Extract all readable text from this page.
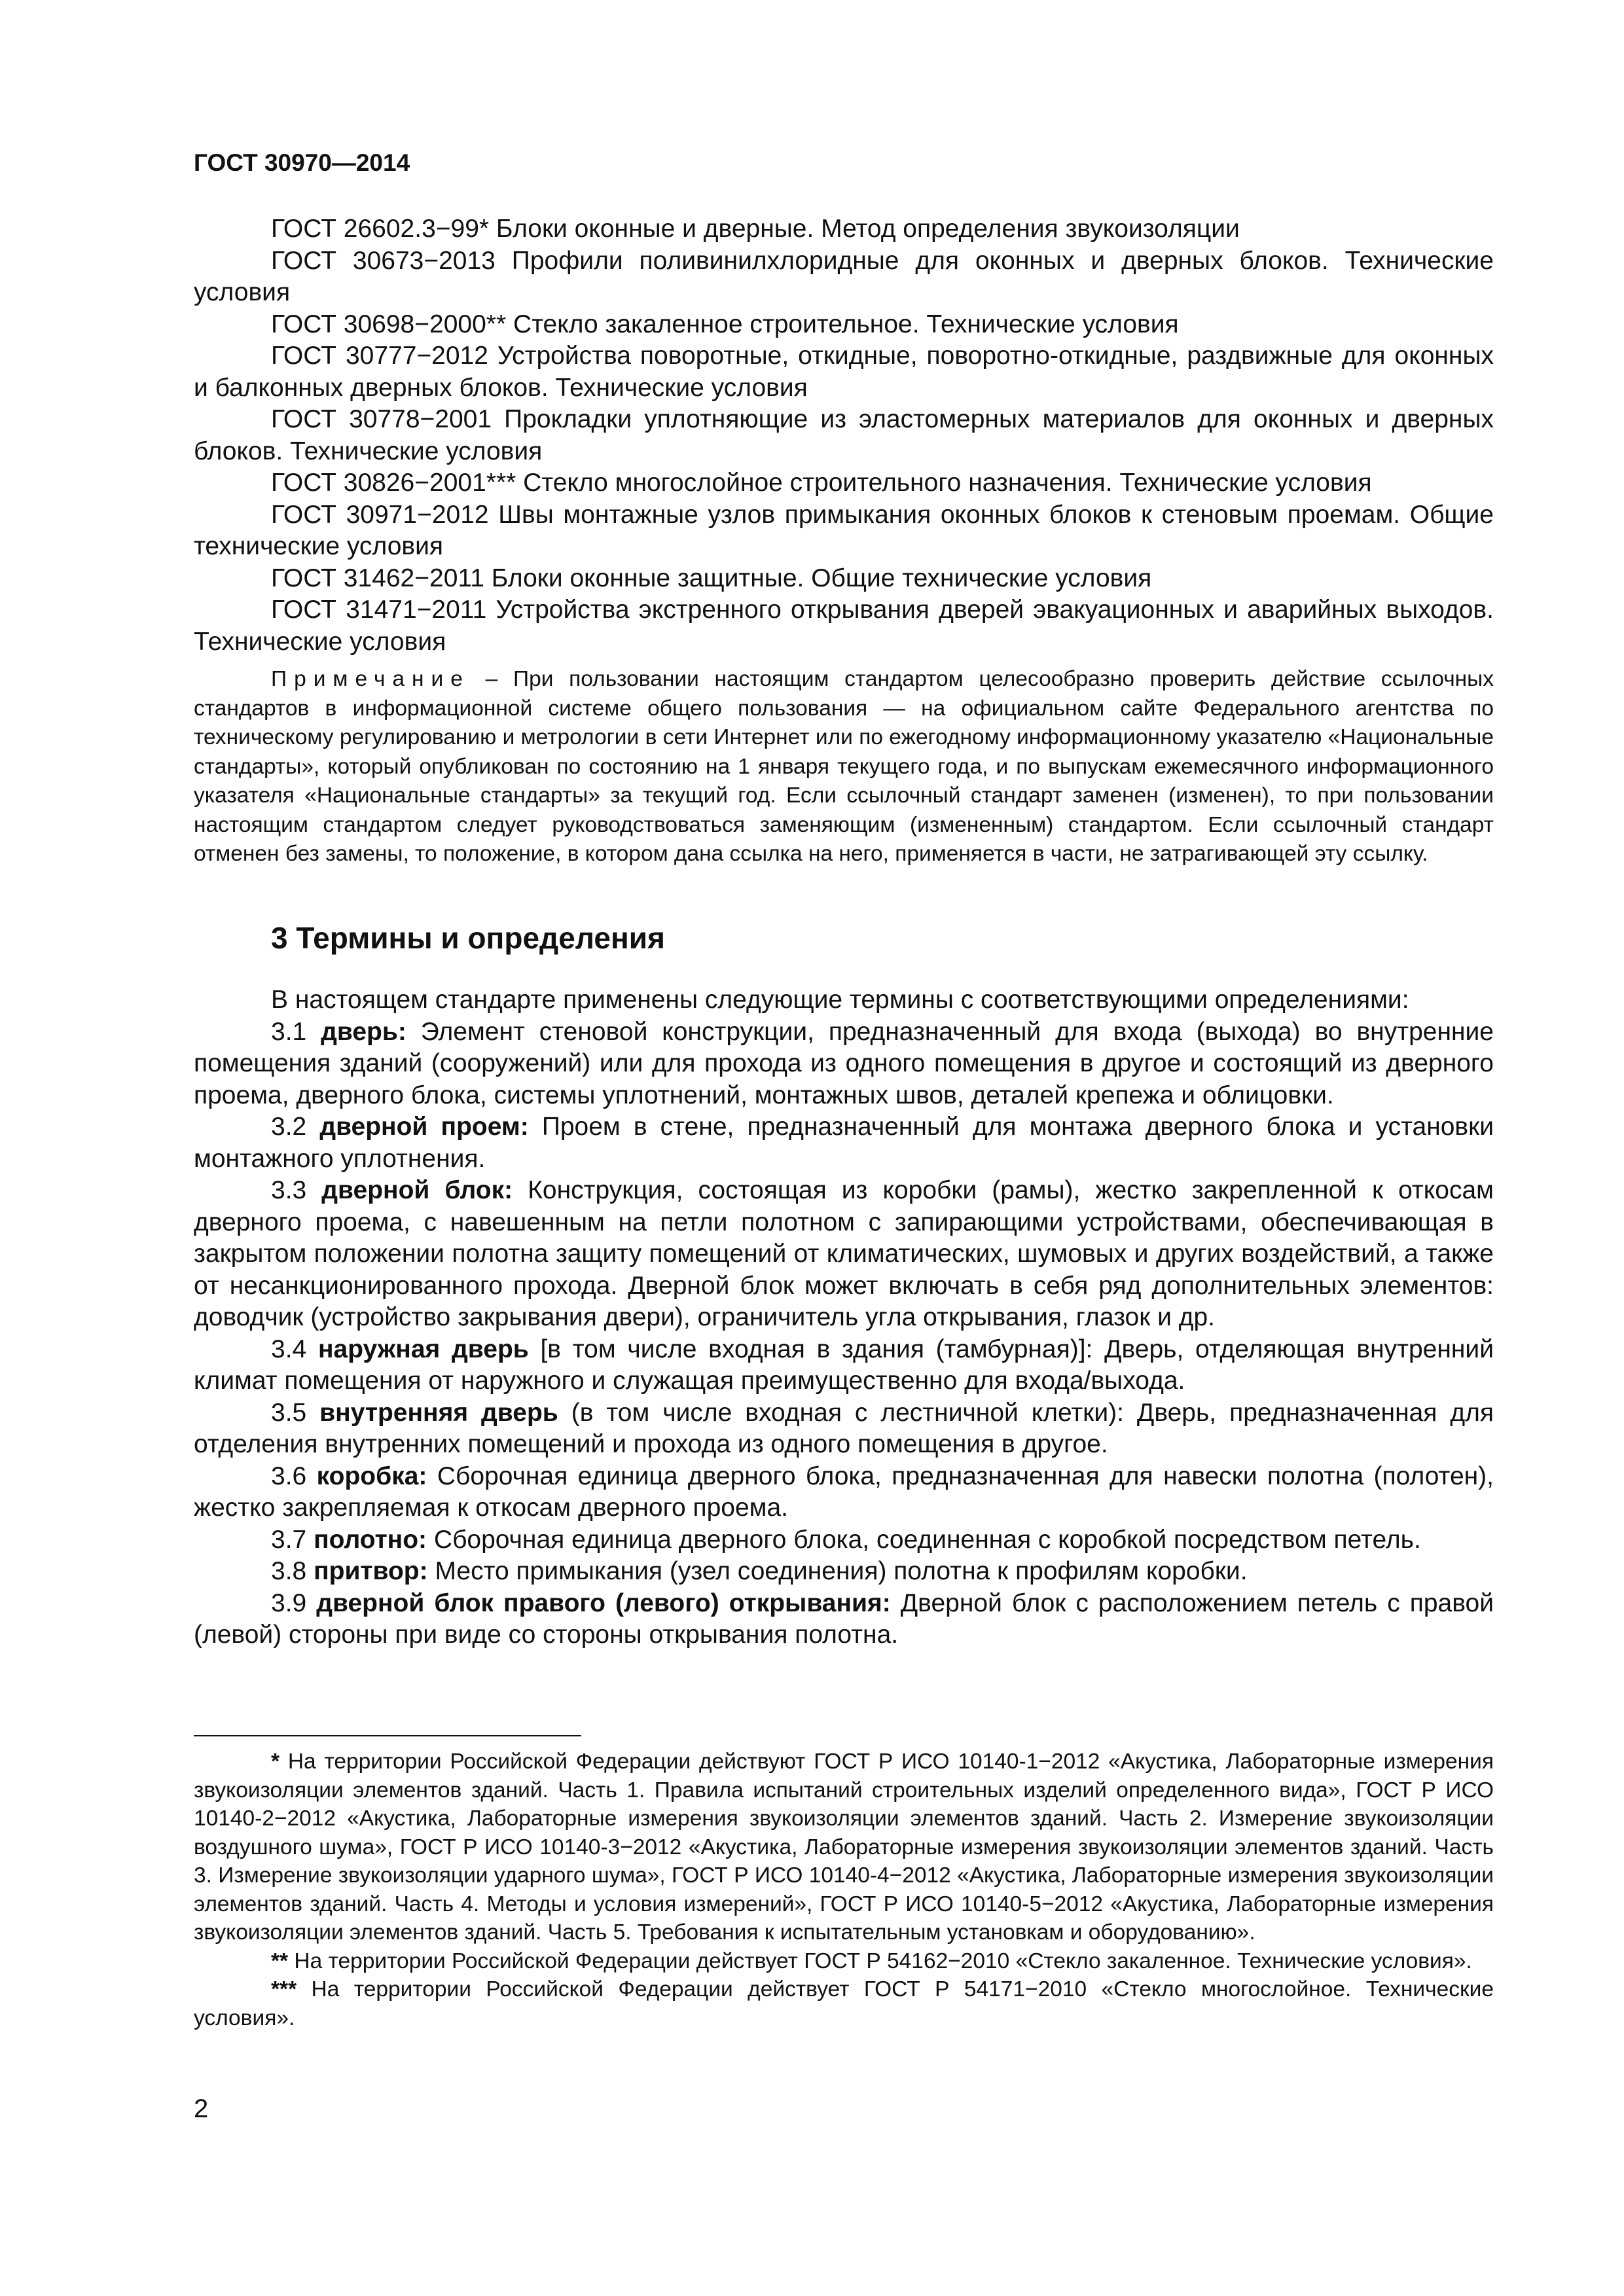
ГОСТ 30970—2014

ГОСТ 26602.3−99* Блоки оконные и дверные. Метод определения звукоизоляции

ГОСТ 30673−2013 Профили поливинилхлоридные для оконных и дверных блоков. Технические условия

ГОСТ 30698−2000** Стекло закаленное строительное. Технические условия

ГОСТ 30777−2012 Устройства поворотные, откидные, поворотно-откидные, раздвижные для оконных и балконных дверных блоков. Технические условия

ГОСТ 30778−2001 Прокладки уплотняющие из эластомерных материалов для оконных и дверных блоков. Технические условия

ГОСТ 30826−2001*** Стекло многослойное строительного назначения. Технические условия

ГОСТ 30971−2012 Швы монтажные узлов примыкания оконных блоков к стеновым проемам. Общие технические условия

ГОСТ 31462−2011 Блоки оконные защитные. Общие технические условия

ГОСТ 31471−2011 Устройства экстренного открывания дверей эвакуационных и аварийных выходов. Технические условия

Примечание – При пользовании настоящим стандартом целесообразно проверить действие ссылочных стандартов в информационной системе общего пользования — на официальном сайте Федерального агентства по техническому регулированию и метрологии в сети Интернет или по ежегодному информационному указателю «Национальные стандарты», который опубликован по состоянию на 1 января текущего года, и по выпускам ежемесячного информационного указателя «Национальные стандарты» за текущий год. Если ссылочный стандарт заменен (изменен), то при пользовании настоящим стандартом следует руководствоваться заменяющим (измененным) стандартом. Если ссылочный стандарт отменен без замены, то положение, в котором дана ссылка на него, применяется в части, не затрагивающей эту ссылку.

3 Термины и определения

В настоящем стандарте применены следующие термины с соответствующими определениями:

3.1 дверь: Элемент стеновой конструкции, предназначенный для входа (выхода) во внутренние помещения зданий (сооружений) или для прохода из одного помещения в другое и состоящий из дверного проема, дверного блока, системы уплотнений, монтажных швов, деталей крепежа и облицовки.

3.2 дверной проем: Проем в стене, предназначенный для монтажа дверного блока и установки монтажного уплотнения.

3.3 дверной блок: Конструкция, состоящая из коробки (рамы), жестко закрепленной к откосам дверного проема, с навешенным на петли полотном с запирающими устройствами, обеспечивающая в закрытом положении полотна защиту помещений от климатических, шумовых и других воздействий, а также от несанкционированного прохода. Дверной блок может включать в себя ряд дополнительных элементов: доводчик (устройство закрывания двери), ограничитель угла открывания, глазок и др.

3.4 наружная дверь [в том числе входная в здания (тамбурная)]: Дверь, отделяющая внутренний климат помещения от наружного и служащая преимущественно для входа/выхода.

3.5 внутренняя дверь (в том числе входная с лестничной клетки): Дверь, предназначенная для отделения внутренних помещений и прохода из одного помещения в другое.

3.6 коробка: Сборочная единица дверного блока, предназначенная для навески полотна (полотен), жестко закрепляемая к откосам дверного проема.

3.7 полотно: Сборочная единица дверного блока, соединенная с коробкой посредством петель.

3.8 притвор: Место примыкания (узел соединения) полотна к профилям коробки.

3.9 дверной блок правого (левого) открывания: Дверной блок с расположением петель с правой (левой) стороны при виде со стороны открывания полотна.

* На территории Российской Федерации действуют ГОСТ Р ИСО 10140-1−2012 «Акустика, Лабораторные измерения звукоизоляции элементов зданий. Часть 1. Правила испытаний строительных изделий определенного вида», ГОСТ Р ИСО 10140-2−2012 «Акустика, Лабораторные измерения звукоизоляции элементов зданий. Часть 2. Измерение звукоизоляции воздушного шума», ГОСТ Р ИСО 10140-3−2012 «Акустика, Лабораторные измерения звукоизоляции элементов зданий. Часть 3. Измерение звукоизоляции ударного шума», ГОСТ Р ИСО 10140-4−2012 «Акустика, Лабораторные измерения звукоизоляции элементов зданий. Часть 4. Методы и условия измерений», ГОСТ Р ИСО 10140-5−2012 «Акустика, Лабораторные измерения звукоизоляции элементов зданий. Часть 5. Требования к испытательным установкам и оборудованию».

** На территории Российской Федерации действует ГОСТ Р 54162−2010 «Стекло закаленное. Технические условия».

*** На территории Российской Федерации действует ГОСТ Р 54171−2010 «Стекло многослойное. Технические условия».

2
